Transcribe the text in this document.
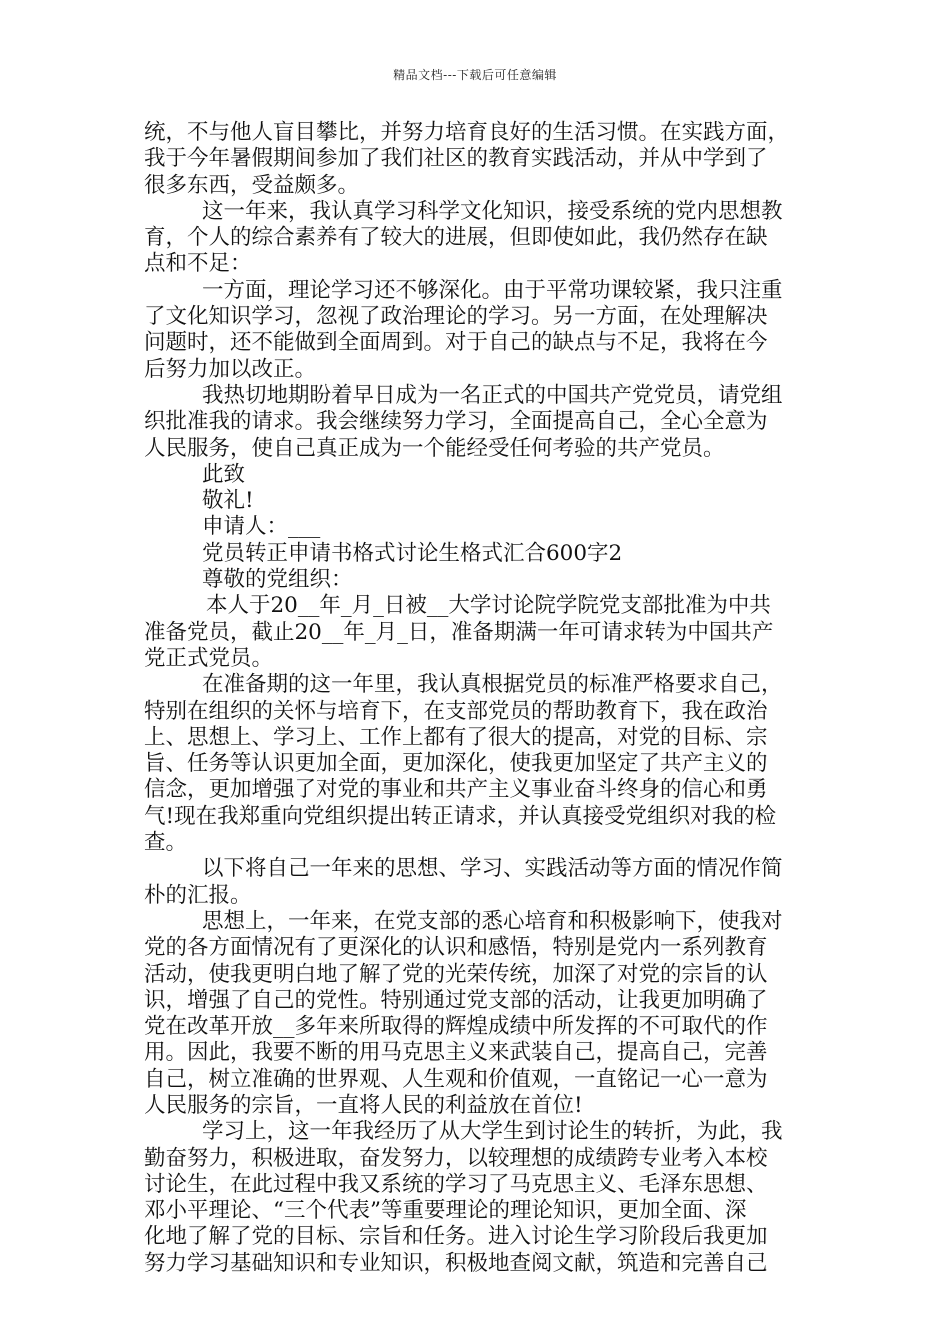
精品文档---下载后可任意编辑
统，不与他人盲目攀比，并努力培育良好的生活习惯。在实践方面，
我于今年暑假期间参加了我们社区的教育实践活动，并从中学到了
很多东西，受益颇多。
这一年来，我认真学习科学文化知识，接受系统的党内思想教
育，个人的综合素养有了较大的进展，但即使如此，我仍然存在缺
点和不足：
一方面，理论学习还不够深化。由于平常功课较紧，我只注重
了文化知识学习，忽视了政治理论的学习。另一方面，在处理解决
问题时，还不能做到全面周到。对于自己的缺点与不足，我将在今
后努力加以改正。
我热切地期盼着早日成为一名正式的中国共产党党员，请党组
织批准我的请求。我会继续努力学习，全面提高自己，全心全意为
人民服务，使自己真正成为一个能经受任何考验的共产党员。
此致
敬礼!
申请人：___
党员转正申请书格式讨论生格式汇合600字2
尊敬的党组织：
本人于20__年_月_日被__大学讨论院学院党支部批准为中共
准备党员，截止20__年_月_日，准备期满一年可请求转为中国共产
党正式党员。
在准备期的这一年里，我认真根据党员的标准严格要求自己，
特别在组织的关怀与培育下，在支部党员的帮助教育下，我在政治
上、思想上、学习上、工作上都有了很大的提高，对党的目标、宗
旨、任务等认识更加全面，更加深化，使我更加坚定了共产主义的
信念，更加增强了对党的事业和共产主义事业奋斗终身的信心和勇
气!现在我郑重向党组织提出转正请求，并认真接受党组织对我的检
查。
以下将自己一年来的思想、学习、实践活动等方面的情况作简
朴的汇报。
思想上，一年来，在党支部的悉心培育和积极影响下，使我对
党的各方面情况有了更深化的认识和感悟，特别是党内一系列教育
活动，使我更明白地了解了党的光荣传统，加深了对党的宗旨的认
识，增强了自己的党性。特别通过党支部的活动，让我更加明确了
党在改革开放__多年来所取得的辉煌成绩中所发挥的不可取代的作
用。因此，我要不断的用马克思主义来武装自己，提高自己，完善
自己，树立准确的世界观、人生观和价值观，一直铭记一心一意为
人民服务的宗旨，一直将人民的利益放在首位!
学习上，这一年我经历了从大学生到讨论生的转折，为此，我
勤奋努力，积极进取，奋发努力，以较理想的成绩跨专业考入本校
讨论生，在此过程中我又系统的学习了马克思主义、毛泽东思想、
邓小平理论、“三个代表”等重要理论的理论知识，更加全面、深
化地了解了党的目标、宗旨和任务。进入讨论生学习阶段后我更加
努力学习基础知识和专业知识，积极地查阅文献，筑造和完善自己
